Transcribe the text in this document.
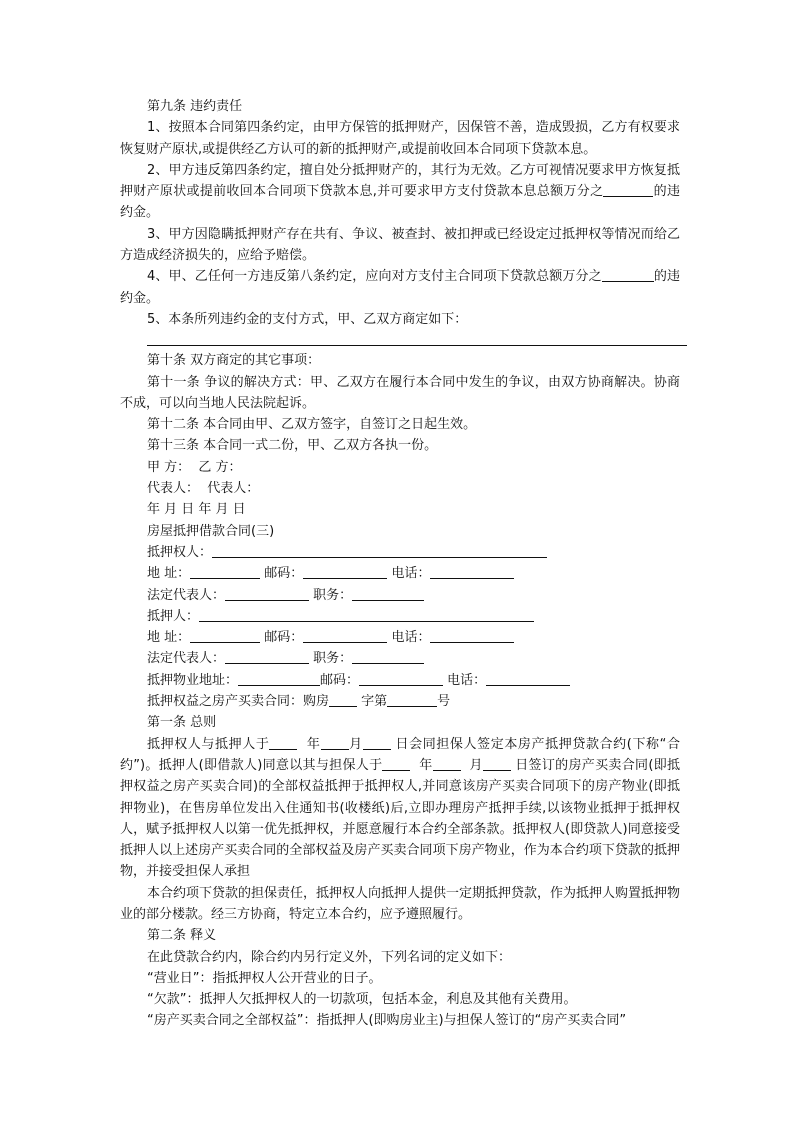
第九条 违约责任

1、按照本合同第四条约定，由甲方保管的抵押财产，因保管不善，造成毁损，乙方有权要求恢复财产原状,或提供经乙方认可的新的抵押财产,或提前收回本合同项下贷款本息。

2、甲方违反第四条约定，擅自处分抵押财产的，其行为无效。乙方可视情况要求甲方恢复抵押财产原状或提前收回本合同项下贷款本息,并可要求甲方支付贷款本息总额万分之	的违约金。

3、甲方因隐瞒抵押财产存在共有、争议、被查封、被扣押或已经设定过抵押权等情况而给乙方造成经济损失的，应给予赔偿。

4、甲、乙任何一方违反第八条约定，应向对方支付主合同项下贷款总额万分之	的违约金。

5、本条所列违约金的支付方式，甲、乙双方商定如下：

第十条 双方商定的其它事项：

第十一条 争议的解决方式：甲、乙双方在履行本合同中发生的争议，由双方协商解决。协商不成，可以向当地人民法院起诉。

第十二条 本合同由甲、乙双方签字，自签订之日起生效。

第十三条 本合同一式二份，甲、乙双方各执一份。

甲 方：  乙 方：

代表人：  代表人：

年 月 日 年 月 日

房屋抵押借款合同(三)

抵押权人：

地 址：	邮码：	电话：

法定代表人：	职务：

抵押人：

地 址：	邮码：	电话：

法定代表人：	职务：

抵押物业地址：	邮码：	电话：

抵押权益之房产买卖合同：购房 字第	号

第一条 总则

抵押权人与抵押人于	年 月	日会同担保人签定本房产抵押贷款合约(下称“合约”)。抵押人(即借款人)同意以其与担保人于	年	月 日签订的房产买卖合同(即抵押权益之房产买卖合同)的全部权益抵押于抵押权人,并同意该房产买卖合同项下的房产物业(即抵押物业)，在售房单位发出入住通知书(收楼纸)后,立即办理房产抵押手续,以该物业抵押于抵押权人，赋予抵押权人以第一优先抵押权，并愿意履行本合约全部条款。抵押权人(即贷款人)同意接受抵押人以上述房产买卖合同的全部权益及房产买卖合同项下房产物业，作为本合约项下贷款的抵押物，并接受担保人承担

本合约项下贷款的担保责任，抵押权人向抵押人提供一定期抵押贷款，作为抵押人购置抵押物业的部分楼款。经三方协商，特定立本合约，应予遵照履行。

第二条 释义

在此贷款合约内，除合约内另行定义外，下列名词的定义如下：

“营业日”：指抵押权人公开营业的日子。

“欠款”：抵押人欠抵押权人的一切款项，包括本金，利息及其他有关费用。

“房产买卖合同之全部权益”：指抵押人(即购房业主)与担保人签订的“房产买卖合同”
